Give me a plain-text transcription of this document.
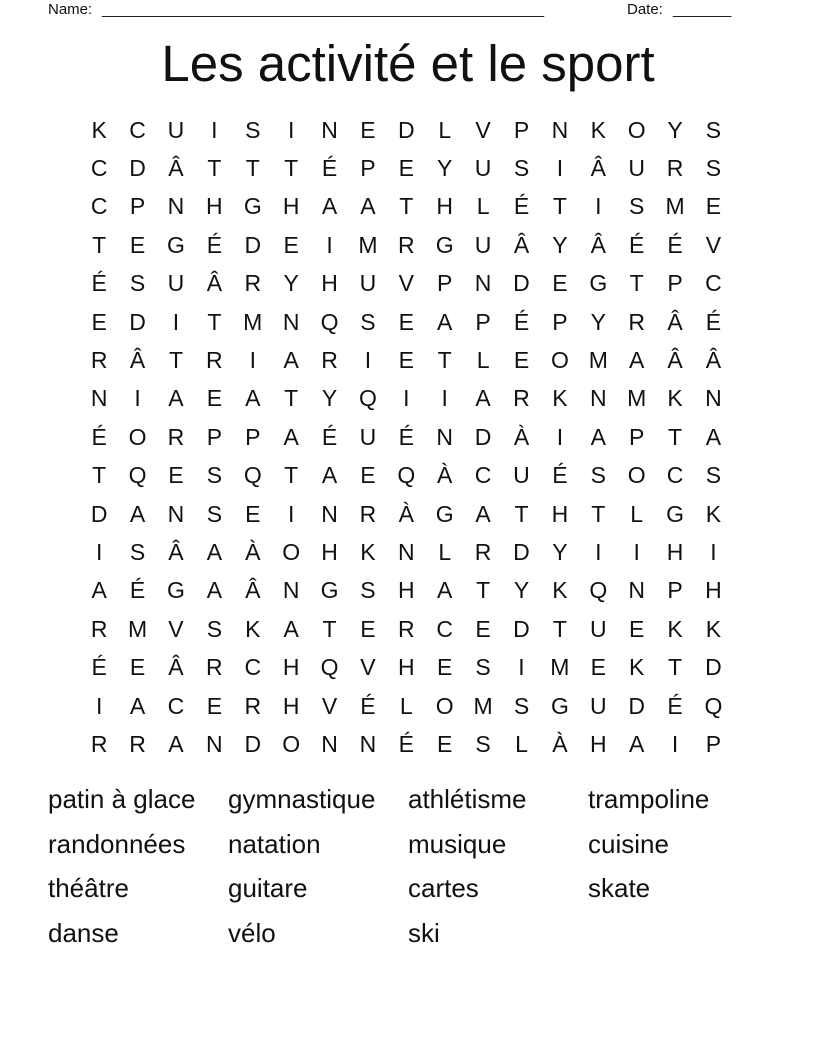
Name: _____________________________________________________	Date: _______
Les activité et le sport
K C U	I	S	I	N E D	L	V	P N K O Y	S
C D Â	T	T	T	É	P	E	Y U S	I	Â U R S
C P N H G H A	A	T	H	L	É	T	I	S M E
T	E G É D E	I	M R G U Â	Y	Â	É	É	V
É	S U Â R Y H U V	P N D E G T	P C
E D	I	T M N Q S	E	A	P	É	P	Y R Â	É
R Â	T	R	I	A R	I	E	T	L	E O M A	Â	Â
N	I	A	E	A	T	Y Q	I	I	A R K N M K N
É O R P	P	A	É U É N D À	I	A	P	T	A
T Q E	S Q T	A	E Q À C U É	S O C S
D A N S	E	I	N R À G A	T	H	T	L	G K
I	S	Â	A	À O H K N	L	R D Y	I	I	H	I
A	É G A	Â N G S H A	T	Y	K Q N P H
R M V	S	K	A	T	E R C E D	T	U E	K	K
É	E	Â R C H Q V H E	S	I	M E	K	T	D
I	A C E R H V	É	L	O M S G U D É Q
R R A N D O N N É	E	S	L	À H A	I	P
patin à glace	gymnastique	athlétisme	trampoline
randonnées	natation	musique	cuisine
théâtre	guitare	cartes	skate
danse	vélo	ski
